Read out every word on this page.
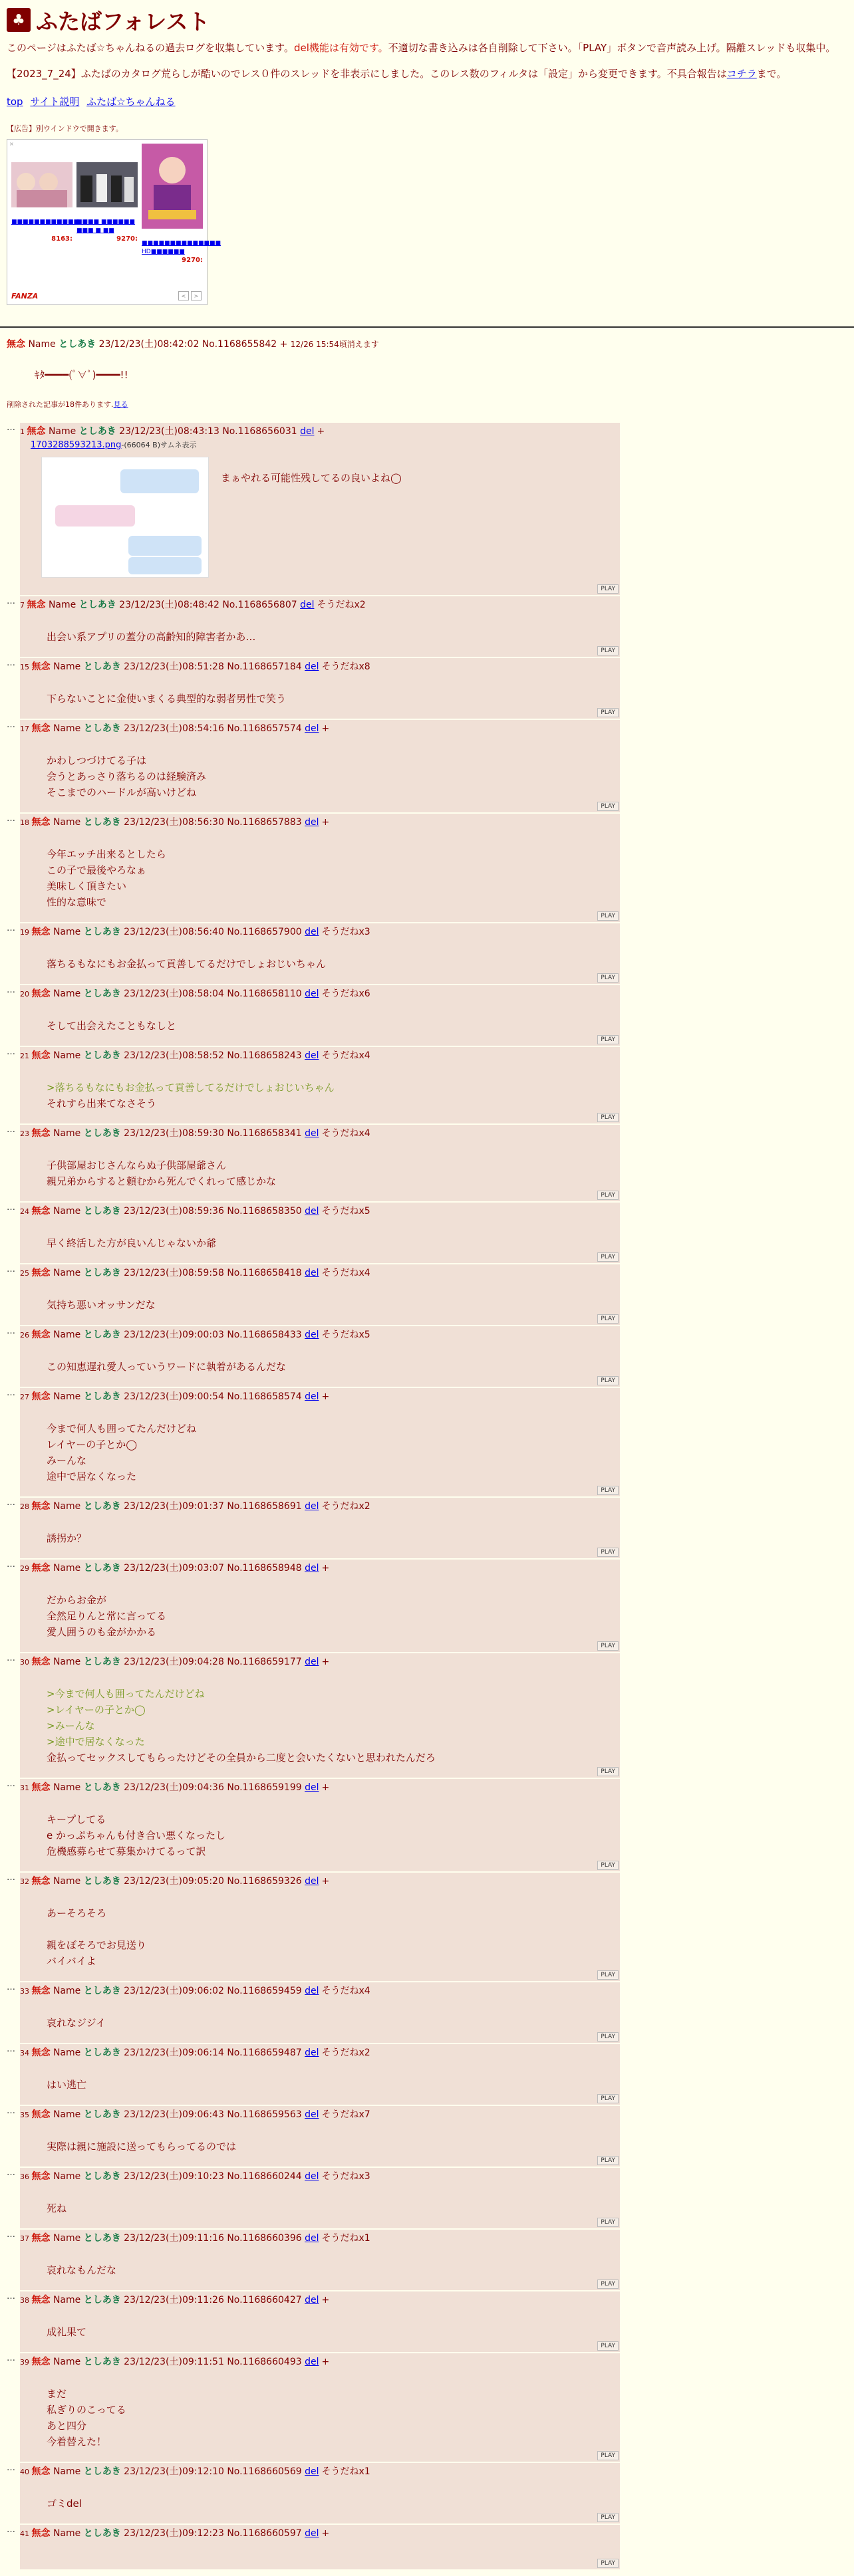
♣ ふたばフォレスト

このページはふたば☆ちゃんねるの過去ログを収集しています。del機能は有効です。不適切な書き込みは各自削除して下さい。「PLAY」ボタンで音声読み上げ。隔離スレッドも収集中。

【2023_7_24】ふたばのカタログ荒らしが酷いのでレス０件のスレッドを非表示にしました。このレス数のフィルタは「設定」から変更できます。不具合報告はコチラまで。

top サイト説明 ふたば☆ちゃんねる
【広告】別ウインドウで開きます。
×
■■■■■■■■■■■■
8163:
■■■■ ■■■■■■ ■■■ ■ ■■
9270:
■■■■■■■■■■■■■■ HD■■■■■■
9270:
FANZA	<	>
無念 Name としあき 23/12/23(土)08:42:02 No.1168655842 + 12/26 15:54頃消えます
ｷﾀ━━━━(ﾟ∀ﾟ)━━━━!!
削除された記事が18件あります.見る
… 1 無念 Name としあき 23/12/23(土)08:43:13 No.1168656031 del +
1703288593213.png-(66064 B)サムネ表示
まぁやれる可能性残してるの良いよね◯
PLAY
… 7 無念 Name としあき 23/12/23(土)08:48:42 No.1168656807 del そうだねx2
出会い系アプリの蓋分の高齢知的障害者かあ…
PLAY
… 15 無念 Name としあき 23/12/23(土)08:51:28 No.1168657184 del そうだねx8
下らないことに金使いまくる典型的な弱者男性で笑う
PLAY
… 17 無念 Name としあき 23/12/23(土)08:54:16 No.1168657574 del +
かわしつづけてる子は
会うとあっさり落ちるのは経験済み
そこまでのハードルが高いけどね
PLAY
… 18 無念 Name としあき 23/12/23(土)08:56:30 No.1168657883 del +
今年エッチ出来るとしたら
この子で最後やろなぁ
美味しく頂きたい
性的な意味で
PLAY
… 19 無念 Name としあき 23/12/23(土)08:56:40 No.1168657900 del そうだねx3
落ちるもなにもお金払って貢善してるだけでしょおじいちゃん
PLAY
… 20 無念 Name としあき 23/12/23(土)08:58:04 No.1168658110 del そうだねx6
そして出会えたこともなしと
PLAY
… 21 無念 Name としあき 23/12/23(土)08:58:52 No.1168658243 del そうだねx4
>落ちるもなにもお金払って貢善してるだけでしょおじいちゃん
それすら出来てなさそう
PLAY
… 23 無念 Name としあき 23/12/23(土)08:59:30 No.1168658341 del そうだねx4
子供部屋おじさんならぬ子供部屋爺さん
親兄弟からすると頼むから死んでくれって感じかな
PLAY
… 24 無念 Name としあき 23/12/23(土)08:59:36 No.1168658350 del そうだねx5
早く終活した方が良いんじゃないか爺
PLAY
… 25 無念 Name としあき 23/12/23(土)08:59:58 No.1168658418 del そうだねx4
気持ち悪いオッサンだな
PLAY
… 26 無念 Name としあき 23/12/23(土)09:00:03 No.1168658433 del そうだねx5
この知恵遅れ愛人っていうワードに執着があるんだな
PLAY
… 27 無念 Name としあき 23/12/23(土)09:00:54 No.1168658574 del +
今まで何人も囲ってたんだけどね
レイヤーの子とか◯
みーんな
途中で居なくなった
PLAY
… 28 無念 Name としあき 23/12/23(土)09:01:37 No.1168658691 del そうだねx2
誘拐か？
PLAY
… 29 無念 Name としあき 23/12/23(土)09:03:07 No.1168658948 del +
だからお金が
全然足りんと常に言ってる
愛人囲うのも金がかかる
PLAY
… 30 無念 Name としあき 23/12/23(土)09:04:28 No.1168659177 del +
>今まで何人も囲ってたんだけどね
>レイヤーの子とか◯
>みーんな
>途中で居なくなった
金払ってセックスしてもらったけどその全員から二度と会いたくないと思われたんだろ
PLAY
… 31 無念 Name としあき 23/12/23(土)09:04:36 No.1168659199 del +
キープしてる
e かっぷちゃんも付き合い悪くなったし
危機感募らせて募集かけてるって訳
PLAY
… 32 無念 Name としあき 23/12/23(土)09:05:20 No.1168659326 del +
あーそろそろ

親をぼそろでお見送り
バイバイよ
PLAY
… 33 無念 Name としあき 23/12/23(土)09:06:02 No.1168659459 del そうだねx4
哀れなジジイ
PLAY
… 34 無念 Name としあき 23/12/23(土)09:06:14 No.1168659487 del そうだねx2
はい逃亡
PLAY
… 35 無念 Name としあき 23/12/23(土)09:06:43 No.1168659563 del そうだねx7
実際は親に施設に送ってもらってるのでは
PLAY
… 36 無念 Name としあき 23/12/23(土)09:10:23 No.1168660244 del そうだねx3
死ね
PLAY
… 37 無念 Name としあき 23/12/23(土)09:11:16 No.1168660396 del そうだねx1
哀れなもんだな
PLAY
… 38 無念 Name としあき 23/12/23(土)09:11:26 No.1168660427 del +
成礼果て
PLAY
… 39 無念 Name としあき 23/12/23(土)09:11:51 No.1168660493 del +
まだ
私ぎりのこってる
あと四分
今着替えた！
PLAY
… 40 無念 Name としあき 23/12/23(土)09:12:10 No.1168660569 del そうだねx1
ゴミdel
PLAY
… 41 無念 Name としあき 23/12/23(土)09:12:23 No.1168660597 del +
PLAY
